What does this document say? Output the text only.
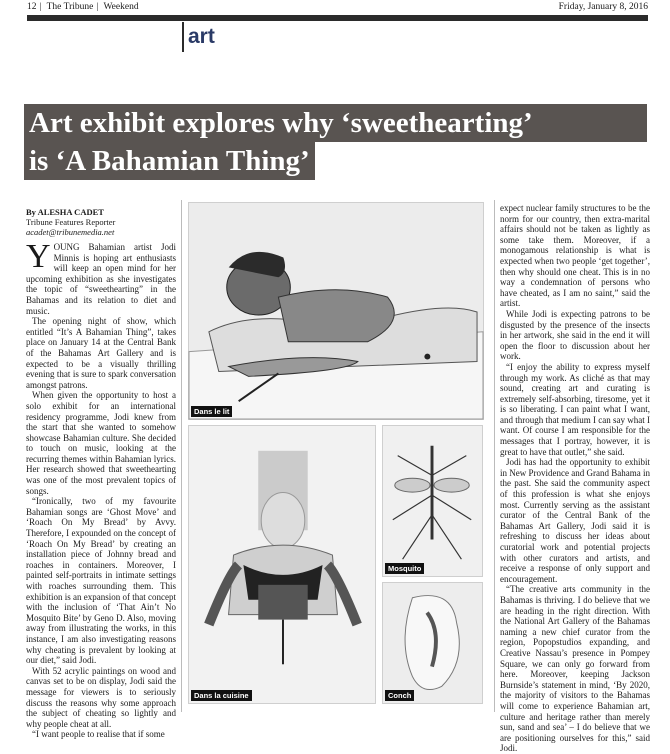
12 | The Tribune | Weekend	Friday, January 8, 2016
art
Art exhibit explores why ‘sweethearting’
is ‘A Bahamian Thing’
By ALESHA CADET
Tribune Features Reporter
acadet@tribunemedia.net

YOUNG Bahamian artist Jodi Minnis is hoping art enthusiasts will keep an open mind for her upcoming exhibition as she investigates the topic of “sweethearting” in the Bahamas and its relation to diet and music.

The opening night of show, which entitled “It’s A Bahamian Thing”, takes place on January 14 at the Central Bank of the Bahamas Art Gallery and is expected to be a visually thrilling evening that is sure to spark conversation amongst patrons.

When given the opportunity to host a solo exhibit for an international residency programme, Jodi knew from the start that she wanted to somehow showcase Bahamian culture. She decided to touch on music, looking at the recurring themes within Bahamian lyrics. Her research showed that sweethearting was one of the most prevalent topics of songs.

“Ironically, two of my favourite Bahamian songs are ‘Ghost Move’ and ‘Roach On My Bread’ by Avvy. Therefore, I expounded on the concept of ‘Roach On My Bread’ by creating an installation piece of Johnny bread and roaches in containers. Moreover, I painted self-portraits in intimate settings with roaches surrounding them. This exhibition is an expansion of that concept with the inclusion of ‘That Ain’t No Mosquito Bite’ by Geno D. Also, moving away from illustrating the works, in this instance, I am also investigating reasons why cheating is prevalent by looking at our diet,” said Jodi.

With 52 acrylic paintings on wood and canvas set to be on display, Jodi said the message for viewers is to seriously discuss the reasons why some approach the subject of cheating so lightly and why people cheat at all.

“I want people to realise that if some

Dans le lit
Dans la cuisine
Mosquito
Conch

expect nuclear family structures to be the norm for our country, then extra-marital affairs should not be taken as lightly as some take them. Moreover, if a monogamous relationship is what is expected when two people ‘get together’, then why should one cheat. This is in no way a condemnation of persons who have cheated, as I am no saint,” said the artist.

While Jodi is expecting patrons to be disgusted by the presence of the insects in her artwork, she said in the end it will open the floor to discussion about her work.

“I enjoy the ability to express myself through my work. As cliché as that may sound, creating art and curating is extremely self-absorbing, tiresome, yet it is so liberating. I can paint what I want, and through that medium I can say what I want. Of course I am responsible for the messages that I portray, however, it is great to have that outlet,” she said.

Jodi has had the opportunity to exhibit in New Providence and Grand Bahama in the past. She said the community aspect of this profession is what she enjoys most. Currently serving as the assistant curator of the Central Bank of the Bahamas Art Gallery, Jodi said it is refreshing to discuss her ideas about curatorial work and potential projects with other curators and artists, and receive a response of only support and encouragement.

“The creative arts community in the Bahamas is thriving. I do believe that we are heading in the right direction. With the National Art Gallery of the Bahamas naming a new chief curator from the region, Popopstudios expanding, and Creative Nassau’s presence in Pompey Square, we can only go forward from here. Moreover, keeping Jackson Burnside’s statement in mind, ‘By 2020, the majority of visitors to the Bahamas will come to experience Bahamian art, culture and heritage rather than merely sun, sand and sea’ – I do believe that we are positioning ourselves for this,” said Jodi.
